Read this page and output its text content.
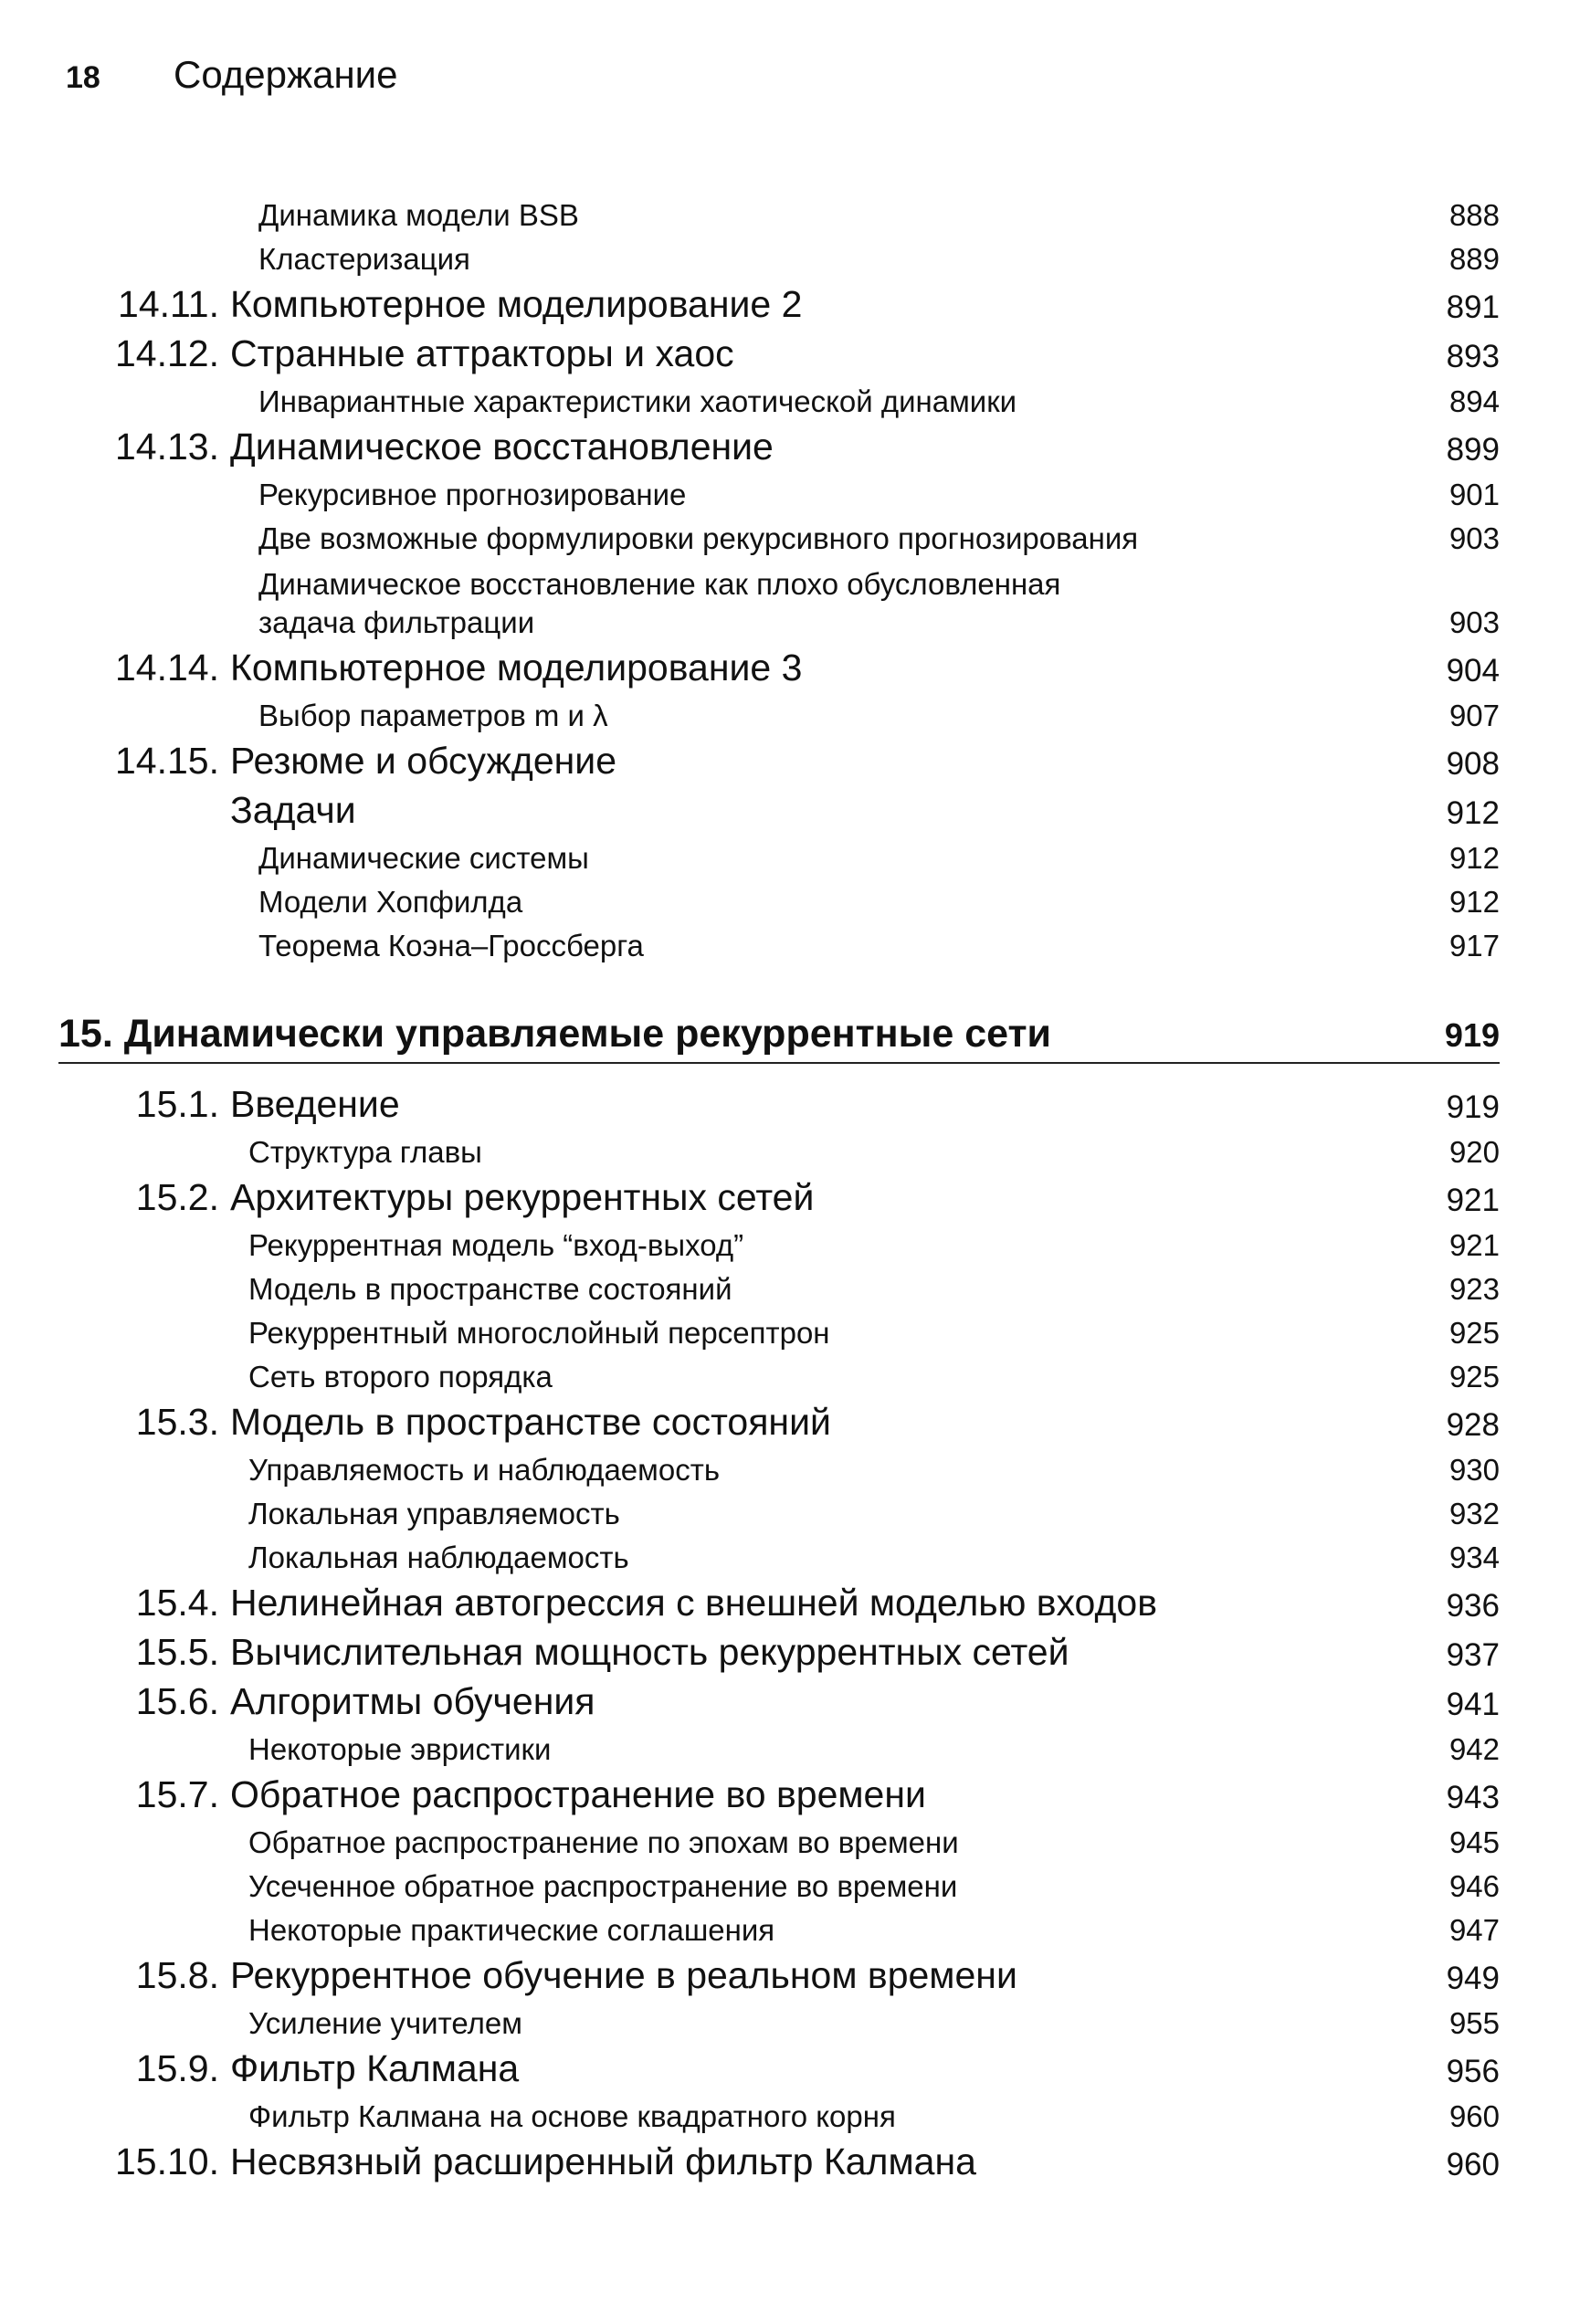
18	Содержание
Динамика модели BSB	888
Кластеризация	889
14.11. Компьютерное моделирование 2	891
14.12. Странные аттракторы и хаос	893
Инвариантные характеристики хаотической динамики	894
14.13. Динамическое восстановление	899
Рекурсивное прогнозирование	901
Две возможные формулировки рекурсивного прогнозирования	903
Динамическое восстановление как плохо обусловленная
задача фильтрации	903
14.14. Компьютерное моделирование 3	904
Выбор параметров m и λ	907
14.15. Резюме и обсуждение	908
Задачи	912
Динамические системы	912
Модели Хопфилда	912
Теорема Коэна–Гроссберга	917
15. Динамически управляемые рекуррентные сети	919
15.1. Введение	919
Структура главы	920
15.2. Архитектуры рекуррентных сетей	921
Рекуррентная модель “вход-выход”	921
Модель в пространстве состояний	923
Рекуррентный многослойный персептрон	925
Сеть второго порядка	925
15.3. Модель в пространстве состояний	928
Управляемость и наблюдаемость	930
Локальная управляемость	932
Локальная наблюдаемость	934
15.4. Нелинейная автогрессия с внешней моделью входов	936
15.5. Вычислительная мощность рекуррентных сетей	937
15.6. Алгоритмы обучения	941
Некоторые эвристики	942
15.7. Обратное распространение во времени	943
Обратное распространение по эпохам во времени	945
Усеченное обратное распространение во времени	946
Некоторые практические соглашения	947
15.8. Рекуррентное обучение в реальном времени	949
Усиление учителем	955
15.9. Фильтр Калмана	956
Фильтр Калмана на основе квадратного корня	960
15.10. Несвязный расширенный фильтр Калмана	960
